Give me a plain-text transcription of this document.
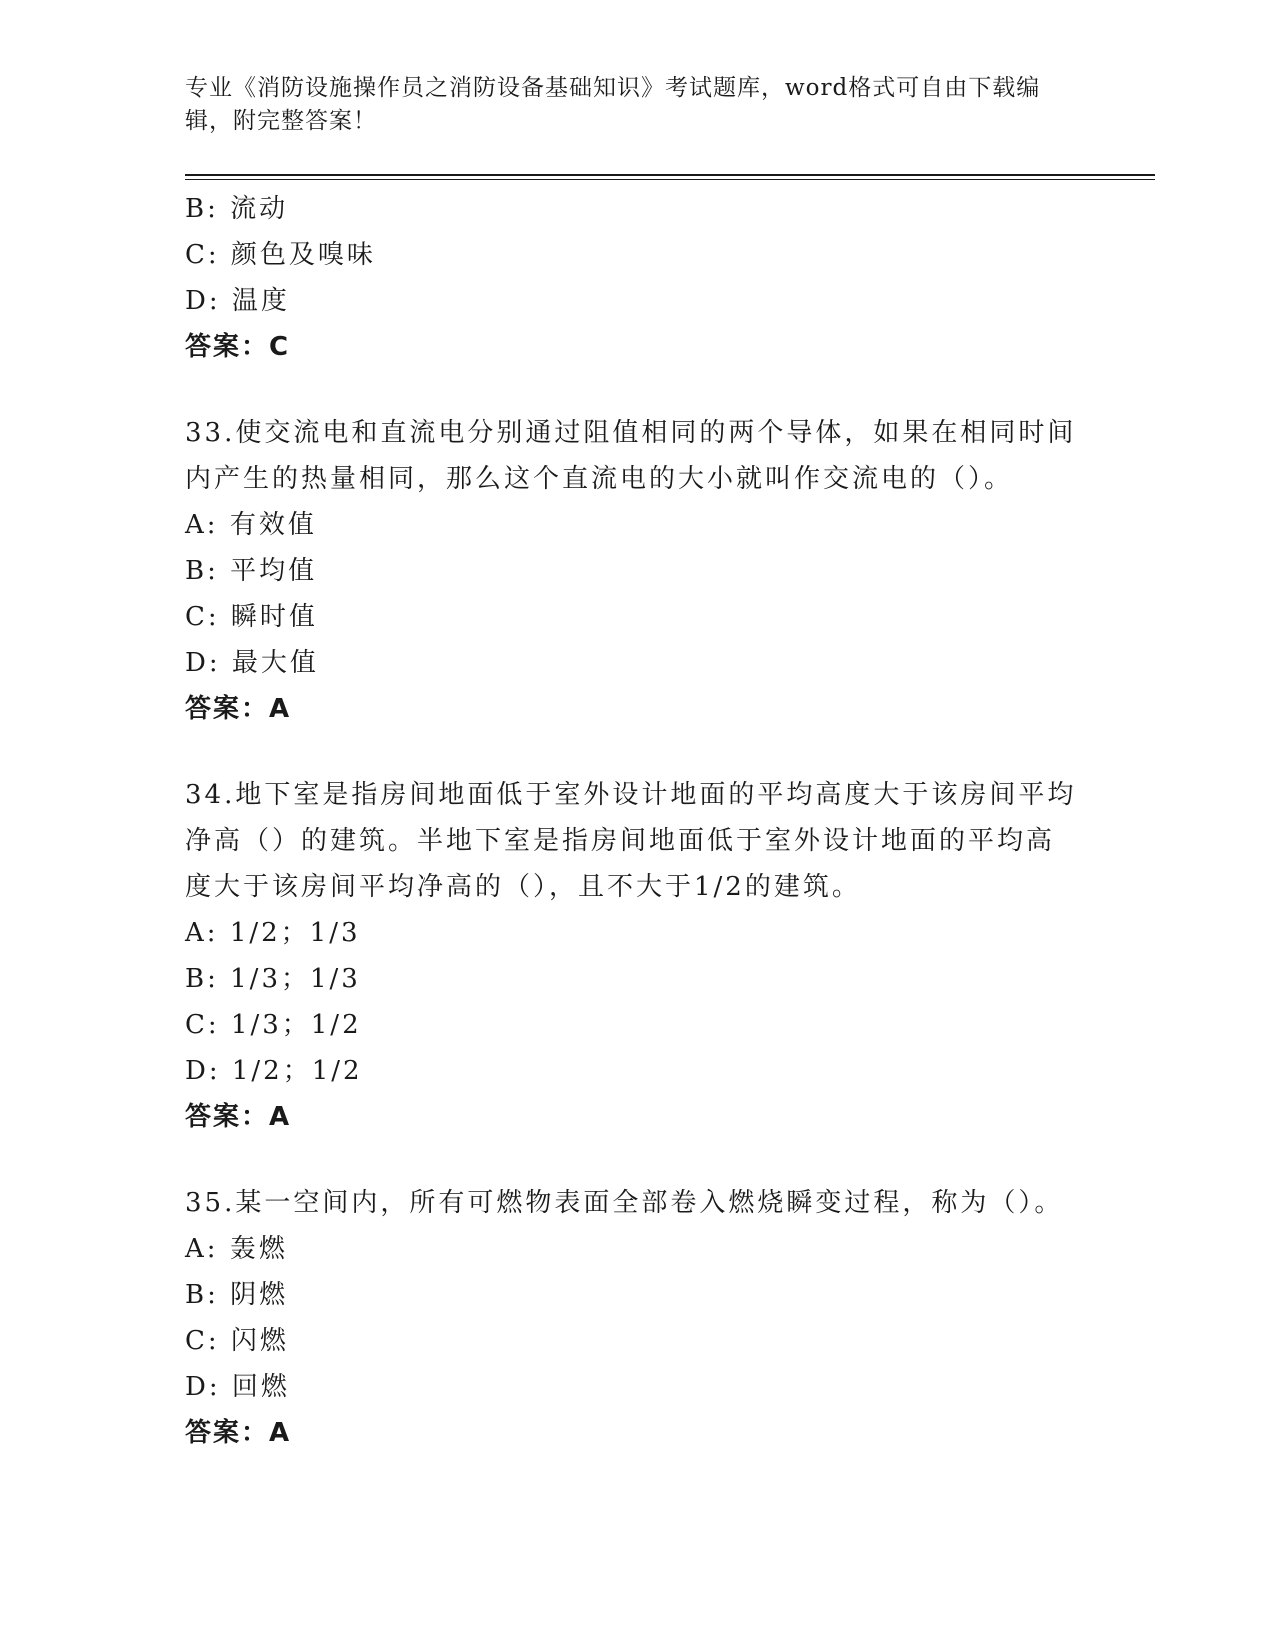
专业《消防设施操作员之消防设备基础知识》考试题库，word格式可自由下载编
辑，附完整答案！
B: 流动
C: 颜色及嗅味
D: 温度
答案：C
33.使交流电和直流电分别通过阻值相同的两个导体，如果在相同时间
内产生的热量相同，那么这个直流电的大小就叫作交流电的（）。
A: 有效值
B: 平均值
C: 瞬时值
D: 最大值
答案：A
34.地下室是指房间地面低于室外设计地面的平均高度大于该房间平均
净高（）的建筑。半地下室是指房间地面低于室外设计地面的平均高
度大于该房间平均净高的（），且不大于1/2的建筑。
A: 1/2；1/3
B: 1/3；1/3
C: 1/3；1/2
D: 1/2；1/2
答案：A
35.某一空间内，所有可燃物表面全部卷入燃烧瞬变过程，称为（）。
A: 轰燃
B: 阴燃
C: 闪燃
D: 回燃
答案：A
